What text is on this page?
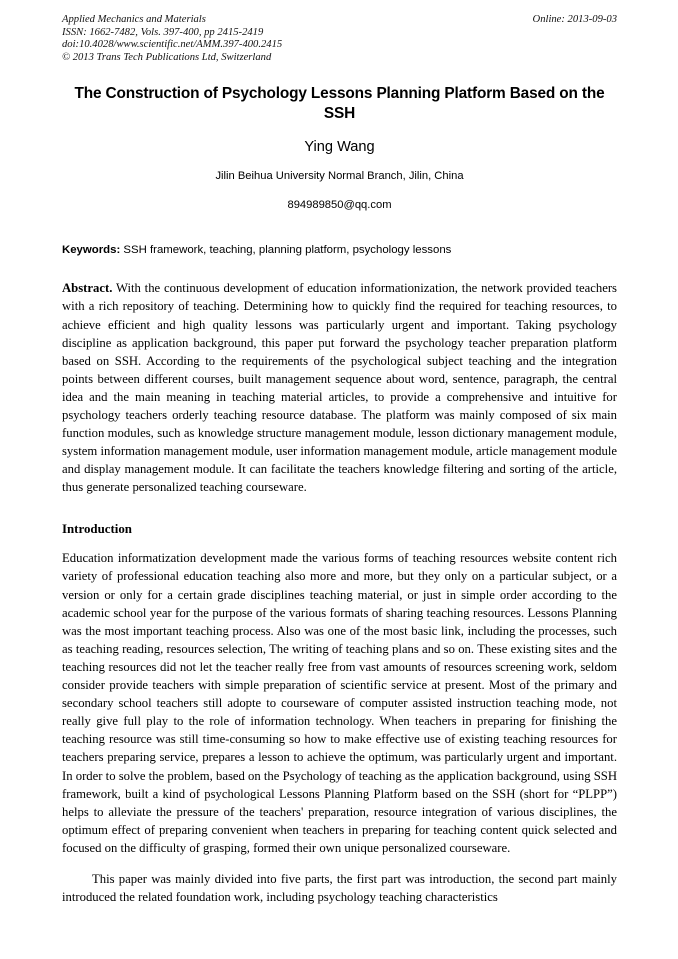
Applied Mechanics and Materials
ISSN: 1662-7482, Vols. 397-400, pp 2415-2419
doi:10.4028/www.scientific.net/AMM.397-400.2415
© 2013 Trans Tech Publications Ltd, Switzerland
Online: 2013-09-03
The Construction of Psychology Lessons Planning Platform Based on the SSH

Ying Wang

Jilin Beihua University Normal Branch, Jilin, China

894989850@qq.com

Keywords: SSH framework, teaching, planning platform, psychology lessons

Abstract. With the continuous development of education informationization, the network provided teachers with a rich repository of teaching. Determining how to quickly find the required for teaching resources, to achieve efficient and high quality lessons was particularly urgent and important. Taking psychology discipline as application background, this paper put forward the psychology teacher preparation platform based on SSH. According to the requirements of the psychological subject teaching and the integration points between different courses, built management sequence about word, sentence, paragraph, the central idea and the main meaning in teaching material articles, to provide a comprehensive and intuitive for psychology teachers orderly teaching resource database. The platform was mainly composed of six main function modules, such as knowledge structure management module, lesson dictionary management module, system information management module, user information management module, article management module and display management module. It can facilitate the teachers knowledge filtering and sorting of the article, thus generate personalized teaching courseware.

Introduction

Education informatization development made the various forms of teaching resources website content rich variety of professional education teaching also more and more, but they only on a particular subject, or a version or only for a certain grade disciplines teaching material, or just in simple order according to the academic school year for the purpose of the various formats of sharing teaching resources. Lessons Planning was the most important teaching process. Also was one of the most basic link, including the processes, such as teaching reading, resources selection, The writing of teaching plans and so on. These existing sites and the teaching resources did not let the teacher really free from vast amounts of resources screening work, seldom consider provide teachers with simple preparation of scientific service at present. Most of the primary and secondary school teachers still adopte to courseware of computer assisted instruction teaching mode, not really give full play to the role of information technology. When teachers in preparing for finishing the teaching resource was still time-consuming so how to make effective use of existing teaching resources for teachers preparing service, prepares a lesson to achieve the optimum, was particularly urgent and important. In order to solve the problem, based on the Psychology of teaching as the application background, using SSH framework, built a kind of psychological Lessons Planning Platform based on the SSH (short for “PLPP”) helps to alleviate the pressure of the teachers' preparation, resource integration of various disciplines, the optimum effect of preparing convenient when teachers in preparing for teaching content quick selected and focused on the difficulty of grasping, formed their own unique personalized courseware.

This paper was mainly divided into five parts, the first part was introduction, the second part mainly introduced the related foundation work, including psychology teaching characteristics
